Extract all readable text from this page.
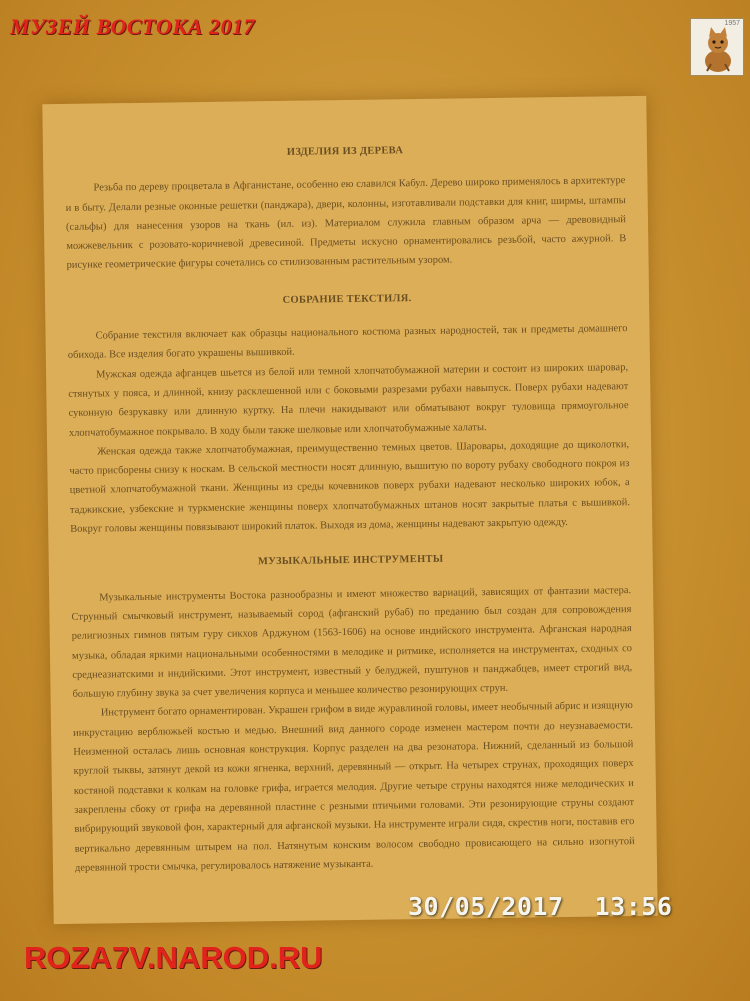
МУЗЕЙ ВОСТОКА 2017	1957
ИЗДЕЛИЯ ИЗ ДЕРЕВА

Резьба по дереву процветала в Афганистане, особенно ею славился Кабул. Дерево широко применялось в архитектуре и в быту. Делали резные оконные решетки (панджара), двери, колонны, изготавливали подставки для книг, ширмы, штампы (сальфы) для нанесения узоров на ткань (ил. из). Материалом служила главным образом арча — древовидный можжевельник с розовато-коричневой древесиной. Предметы искусно орнаментировались резьбой, часто ажурной. В рисунке геометрические фигуры сочетались со стилизованным растительным узором.

СОБРАНИЕ ТЕКСТИЛЯ.

Собрание текстиля включает как образцы национального костюма разных народностей, так и предметы домашнего обихода. Все изделия богато украшены вышивкой.

Мужская одежда афганцев шьется из белой или темной хлопчатобумажной материи и состоит из широких шаровар, стянутых у пояса, и длинной, книзу расклешенной или с боковыми разрезами рубахи навыпуск. Поверх рубахи надевают суконную безрукавку или длинную куртку. На плечи накидывают или обматывают вокруг туловища прямоугольное хлопчатобумажное покрывало. В ходу были также шелковые или хлопчатобумажные халаты.

Женская одежда также хлопчатобумажная, преимущественно темных цветов. Шаровары, доходящие до щиколотки, часто присборены снизу к носкам. В сельской местности носят длинную, вышитую по вороту рубаху свободного покроя из цветной хлопчатобумажной ткани. Женщины из среды кочевников поверх рубахи надевают несколько широких юбок, а таджикские, узбекские и туркменские женщины поверх хлопчатобумажных штанов носят закрытые платья с вышивкой. Вокруг головы женщины повязывают широкий платок. Выходя из дома, женщины надевают закрытую одежду.

МУЗЫКАЛЬНЫЕ ИНСТРУМЕНТЫ

Музыкальные инструменты Востока разнообразны и имеют множество вариаций, зависящих от фантазии мастера. Струнный смычковый инструмент, называемый сород (афганский рубаб) по преданию был создан для сопровождения религиозных гимнов пятым гуру сикхов Арджуном (1563-1606) на основе индийского инструмента. Афганская народная музыка, обладая яркими национальными особенностями в мелодике и ритмике, исполняется на инструментах, сходных со среднеазиатскими и индийскими. Этот инструмент, известный у белуджей, пуштунов и панджабцев, имеет строгий вид, большую глубину звука за счет увеличения корпуса и меньшее количество резонирующих струн.

Инструмент богато орнаментирован. Украшен грифом в виде журавлиной головы, имеет необычный абрис и изящную инкрустацию верблюжьей костью и медью. Внешний вид данного сороде изменен мастером почти до неузнаваемости. Неизменной осталась лишь основная конструкция. Корпус разделен на два резонатора. Нижний, сделанный из большой круглой тыквы, затянут декой из кожи ягненка, верхний, деревянный — открыт. На четырех струнах, проходящих поверх костяной подставки к колкам на головке грифа, играется мелодия. Другие четыре струны находятся ниже мелодических и закреплены сбоку от грифа на деревянной пластине с резными птичьими головами. Эти резонирующие струны создают вибрирующий звуковой фон, характерный для афганской музыки. На инструменте играли сидя, скрестив ноги, поставив его вертикально деревянным штырем на пол. Натянутым конским волосом свободно провисающего на сильно изогнутой деревянной трости смычка, регулировалось натяжение музыканта.

30/05/2017 13:56
ROZA7V.NAROD.RU
